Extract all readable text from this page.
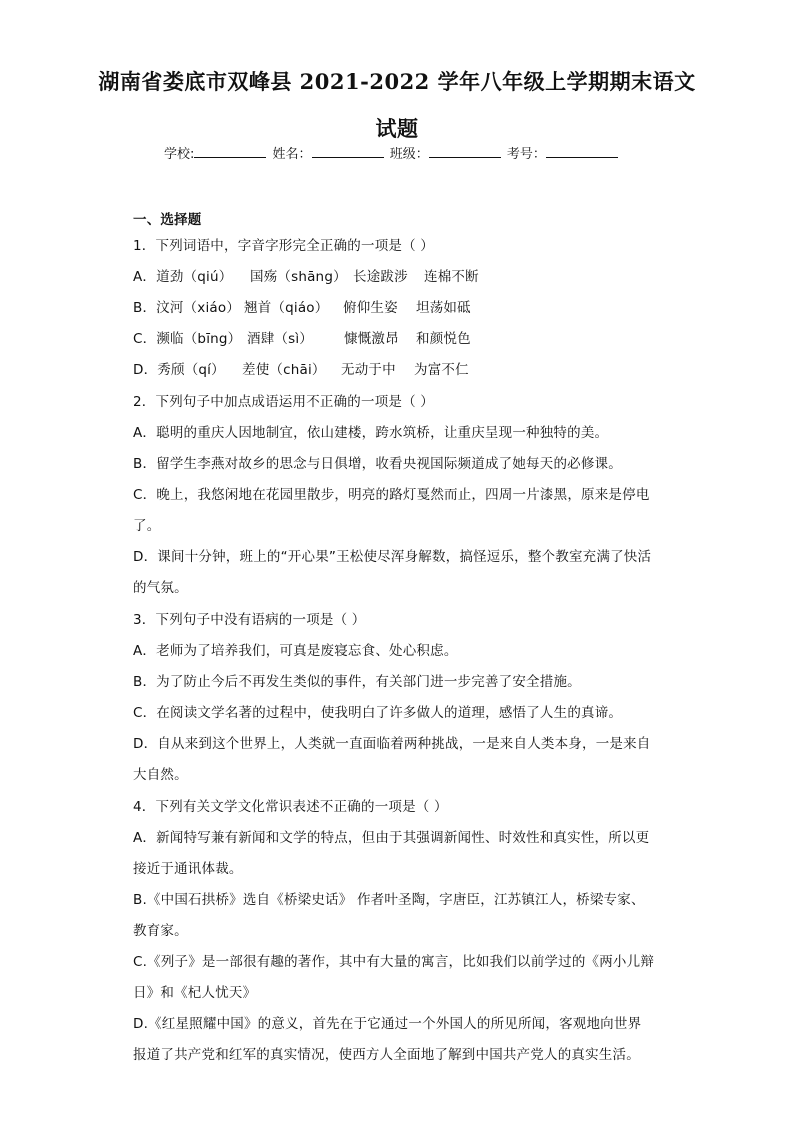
湖南省娄底市双峰县 2021-2022 学年八年级上学期期末语文
试题
学校:	姓名：	班级：	考号：
一、选择题
1．下列词语中，字音字形完全正确的一项是（ ）
A．道劲（qiú） 国殇（shāng） 长途跋涉 连棉不断
B．汶河（xiáo） 翘首（qiáo） 俯仰生姿 坦荡如砥
C．濒临（bīng） 酒肆（sì） 慷慨激昂 和颜悦色
D．秀颀（qí） 差使（chāi） 无动于中 为富不仁
2．下列句子中加点成语运用不正确的一项是（ ）
A．聪明的重庆人因地制宜，依山建楼，跨水筑桥，让重庆呈现一种独特的美。
B．留学生李燕对故乡的思念与日俱增，收看央视国际频道成了她每天的必修课。
C．晚上，我悠闲地在花园里散步，明亮的路灯戛然而止，四周一片漆黑，原来是停电
了。
D．课间十分钟，班上的“开心果”王松使尽浑身解数，搞怪逗乐，整个教室充满了快活
的气氛。
3．下列句子中没有语病的一项是（ ）
A．老师为了培养我们，可真是废寝忘食、处心积虑。
B．为了防止今后不再发生类似的事件，有关部门进一步完善了安全措施。
C．在阅读文学名著的过程中，使我明白了许多做人的道理，感悟了人生的真谛。
D．自从来到这个世界上，人类就一直面临着两种挑战，一是来自人类本身，一是来自
大自然。
4．下列有关文学文化常识表述不正确的一项是（ ）
A．新闻特写兼有新闻和文学的特点，但由于其强调新闻性、时效性和真实性，所以更
接近于通讯体裁。
B.《中国石拱桥》选自《桥梁史话》 作者叶圣陶，字唐臣，江苏镇江人，桥梁专家、
教育家。
C.《列子》是一部很有趣的著作，其中有大量的寓言，比如我们以前学过的《两小儿辩
日》和《杞人忧天》
D.《红星照耀中国》的意义，首先在于它通过一个外国人的所见所闻，客观地向世界
报道了共产党和红军的真实情况，使西方人全面地了解到中国共产党人的真实生活。
